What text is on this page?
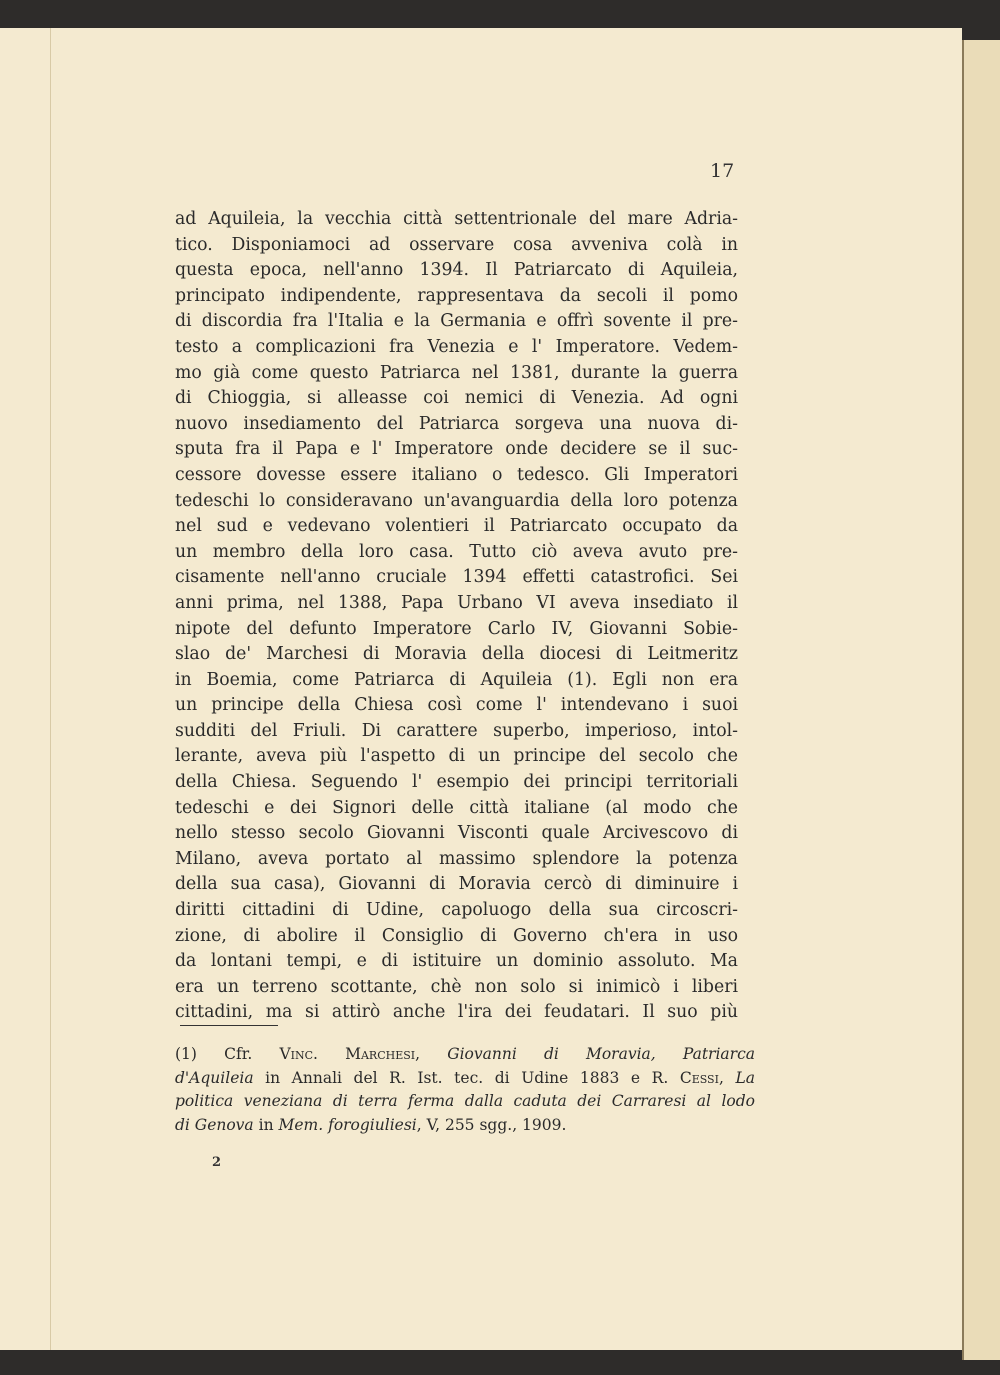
17
ad Aquileia, la vecchia città settentrionale del mare Adria-
tico. Disponiamoci ad osservare cosa avveniva colà in
questa epoca, nell'anno 1394. Il Patriarcato di Aquileia,
principato indipendente, rappresentava da secoli il pomo
di discordia fra l'Italia e la Germania e offrì sovente il pre-
testo a complicazioni fra Venezia e l' Imperatore. Vedem-
mo già come questo Patriarca nel 1381, durante la guerra
di Chioggia, si alleasse coi nemici di Venezia. Ad ogni
nuovo insediamento del Patriarca sorgeva una nuova di-
sputa fra il Papa e l' Imperatore onde decidere se il suc-
cessore dovesse essere italiano o tedesco. Gli Imperatori
tedeschi lo consideravano un'avanguardia della loro potenza
nel sud e vedevano volentieri il Patriarcato occupato da
un membro della loro casa. Tutto ciò aveva avuto pre-
cisamente nell'anno cruciale 1394 effetti catastrofici. Sei
anni prima, nel 1388, Papa Urbano VI aveva insediato il
nipote del defunto Imperatore Carlo IV, Giovanni Sobie-
slao de' Marchesi di Moravia della diocesi di Leitmeritz
in Boemia, come Patriarca di Aquileia (1). Egli non era
un principe della Chiesa così come l' intendevano i suoi
sudditi del Friuli. Di carattere superbo, imperioso, intol-
lerante, aveva più l'aspetto di un principe del secolo che
della Chiesa. Seguendo l' esempio dei principi territoriali
tedeschi e dei Signori delle città italiane (al modo che
nello stesso secolo Giovanni Visconti quale Arcivescovo di
Milano, aveva portato al massimo splendore la potenza
della sua casa), Giovanni di Moravia cercò di diminuire i
diritti cittadini di Udine, capoluogo della sua circoscri-
zione, di abolire il Consiglio di Governo ch'era in uso
da lontani tempi, e di istituire un dominio assoluto. Ma
era un terreno scottante, chè non solo si inimicò i liberi
cittadini, ma si attirò anche l'ira dei feudatari. Il suo più
(1) Cfr. Vinc. Marchesi, Giovanni di Moravia, Patriarca
d'Aquileia in Annali del R. Ist. tec. di Udine 1883 e R. Cessi, La
politica veneziana di terra ferma dalla caduta dei Carraresi al lodo
di Genova in Mem. forogiuliesi, V, 255 sgg., 1909.
2
